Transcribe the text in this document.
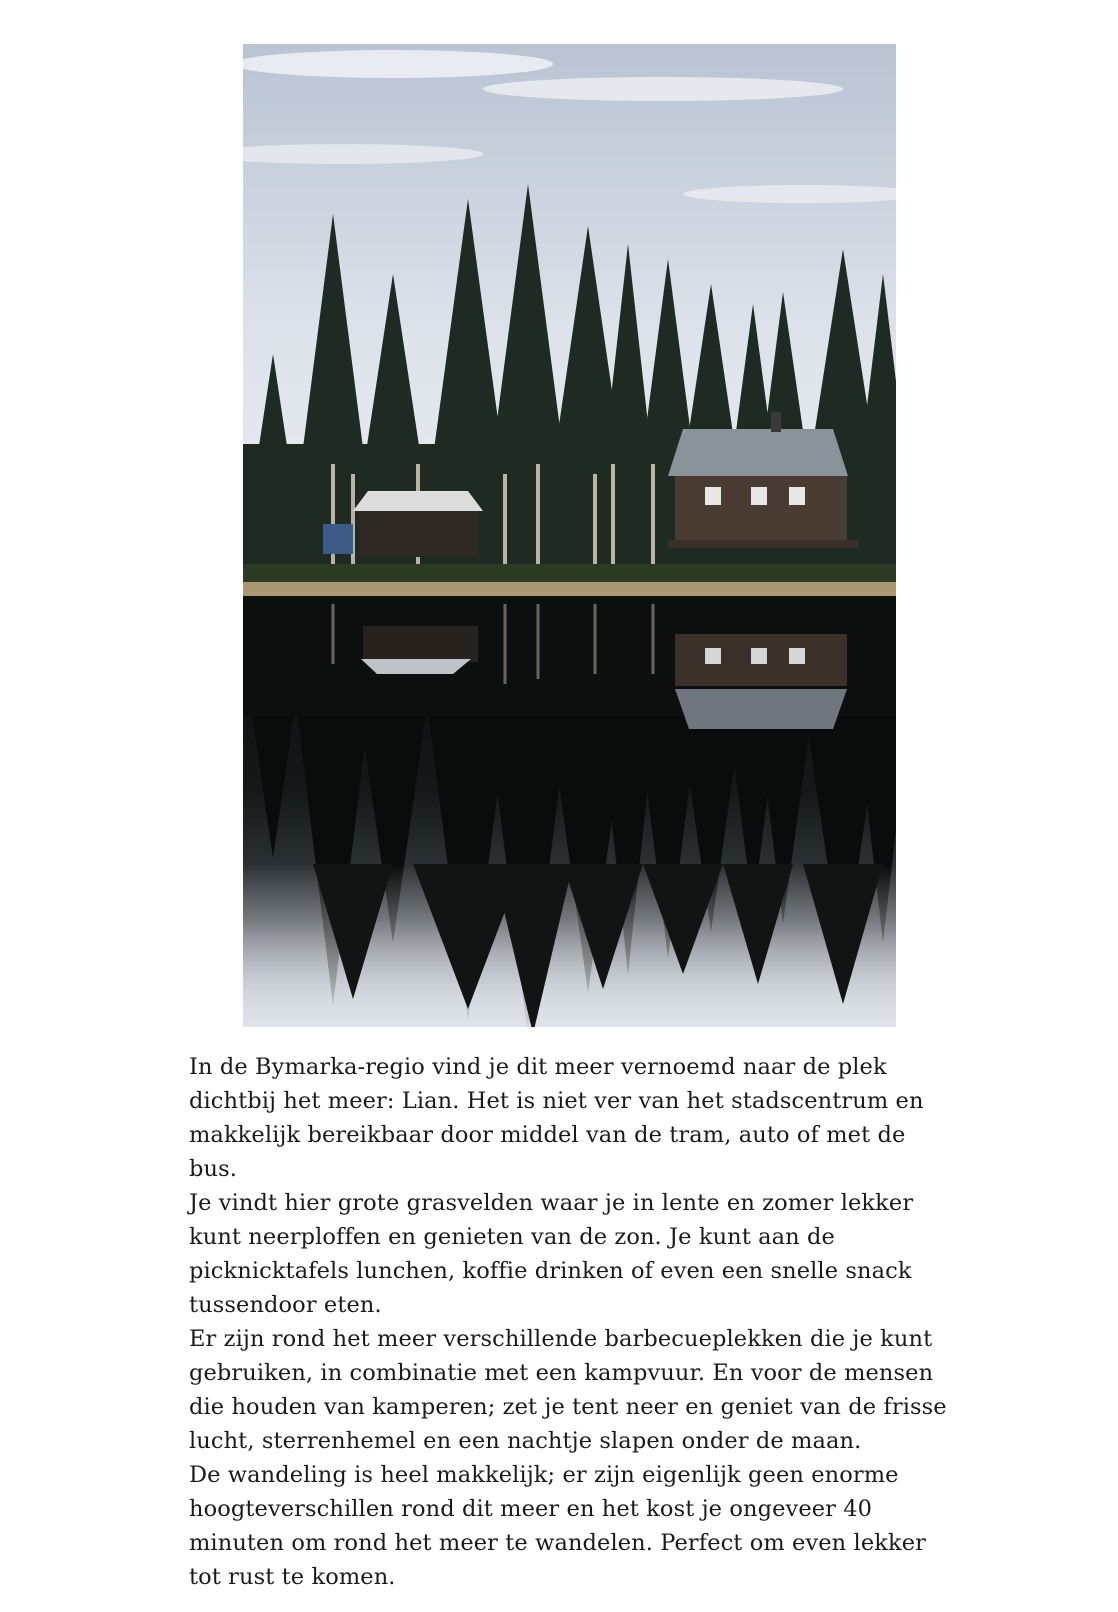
In de Bymarka-regio vind je dit meer vernoemd naar de plek dichtbij het meer: Lian. Het is niet ver van het stadscentrum en makkelijk bereikbaar door middel van de tram, auto of met de bus.

Je vindt hier grote grasvelden waar je in lente en zomer lekker kunt neerploffen en genieten van de zon. Je kunt aan de picknicktafels lunchen, koffie drinken of even een snelle snack tussendoor eten.

Er zijn rond het meer verschillende barbecueplekken die je kunt gebruiken, in combinatie met een kampvuur. En voor de mensen die houden van kamperen; zet je tent neer en geniet van de frisse lucht, sterrenhemel en een nachtje slapen onder de maan.

De wandeling is heel makkelijk; er zijn eigenlijk geen enorme hoogteverschillen rond dit meer en het kost je ongeveer 40 minuten om rond het meer te wandelen. Perfect om even lekker tot rust te komen.
